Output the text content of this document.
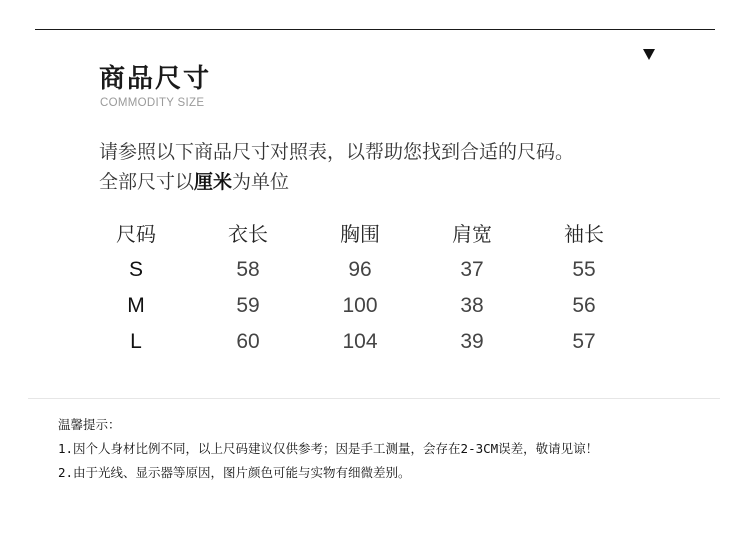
商品尺寸
COMMODITY SIZE
请参照以下商品尺寸对照表，以帮助您找到合适的尺码。
全部尺寸以厘米为单位
尺码	衣长	胸围	肩宽	袖长
S	58	96	37	55
M	59	100	38	56
L	60	104	39	57
温馨提示：
1.因个人身材比例不同，以上尺码建议仅供参考；因是手工测量，会存在2-3CM误差，敬请见谅！
2.由于光线、显示器等原因，图片颜色可能与实物有细微差别。
